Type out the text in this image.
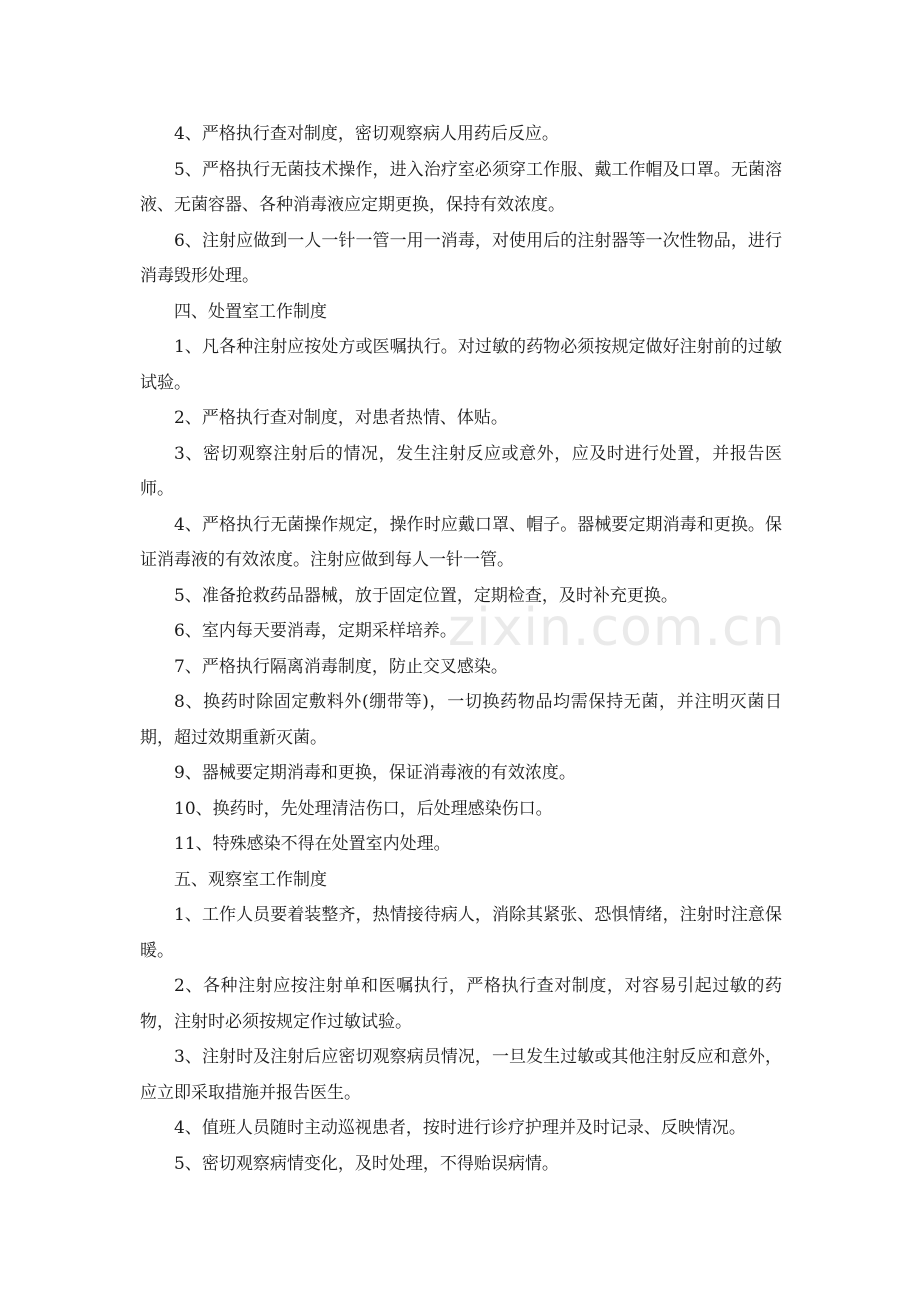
4、严格执行查对制度，密切观察病人用药后反应。

5、严格执行无菌技术操作，进入治疗室必须穿工作服、戴工作帽及口罩。无菌溶液、无菌容器、各种消毒液应定期更换，保持有效浓度。

6、注射应做到一人一针一管一用一消毒，对使用后的注射器等一次性物品，进行消毒毁形处理。

四、处置室工作制度

1、凡各种注射应按处方或医嘱执行。对过敏的药物必须按规定做好注射前的过敏试验。

2、严格执行查对制度，对患者热情、体贴。

3、密切观察注射后的情况，发生注射反应或意外，应及时进行处置，并报告医师。

4、严格执行无菌操作规定，操作时应戴口罩、帽子。器械要定期消毒和更换。保证消毒液的有效浓度。注射应做到每人一针一管。

5、准备抢救药品器械，放于固定位置，定期检查，及时补充更换。

6、室内每天要消毒，定期采样培养。

7、严格执行隔离消毒制度，防止交叉感染。

8、换药时除固定敷料外(绷带等)，一切换药物品均需保持无菌，并注明灭菌日期，超过效期重新灭菌。

9、器械要定期消毒和更换，保证消毒液的有效浓度。

10、换药时，先处理清洁伤口，后处理感染伤口。

11、特殊感染不得在处置室内处理。

五、观察室工作制度

1、工作人员要着装整齐，热情接待病人，消除其紧张、恐惧情绪，注射时注意保暖。

2、各种注射应按注射单和医嘱执行，严格执行查对制度，对容易引起过敏的药物，注射时必须按规定作过敏试验。

3、注射时及注射后应密切观察病员情况，一旦发生过敏或其他注射反应和意外，应立即采取措施并报告医生。

4、值班人员随时主动巡视患者，按时进行诊疗护理并及时记录、反映情况。

5、密切观察病情变化，及时处理，不得贻误病情。

zixin.com.cn
